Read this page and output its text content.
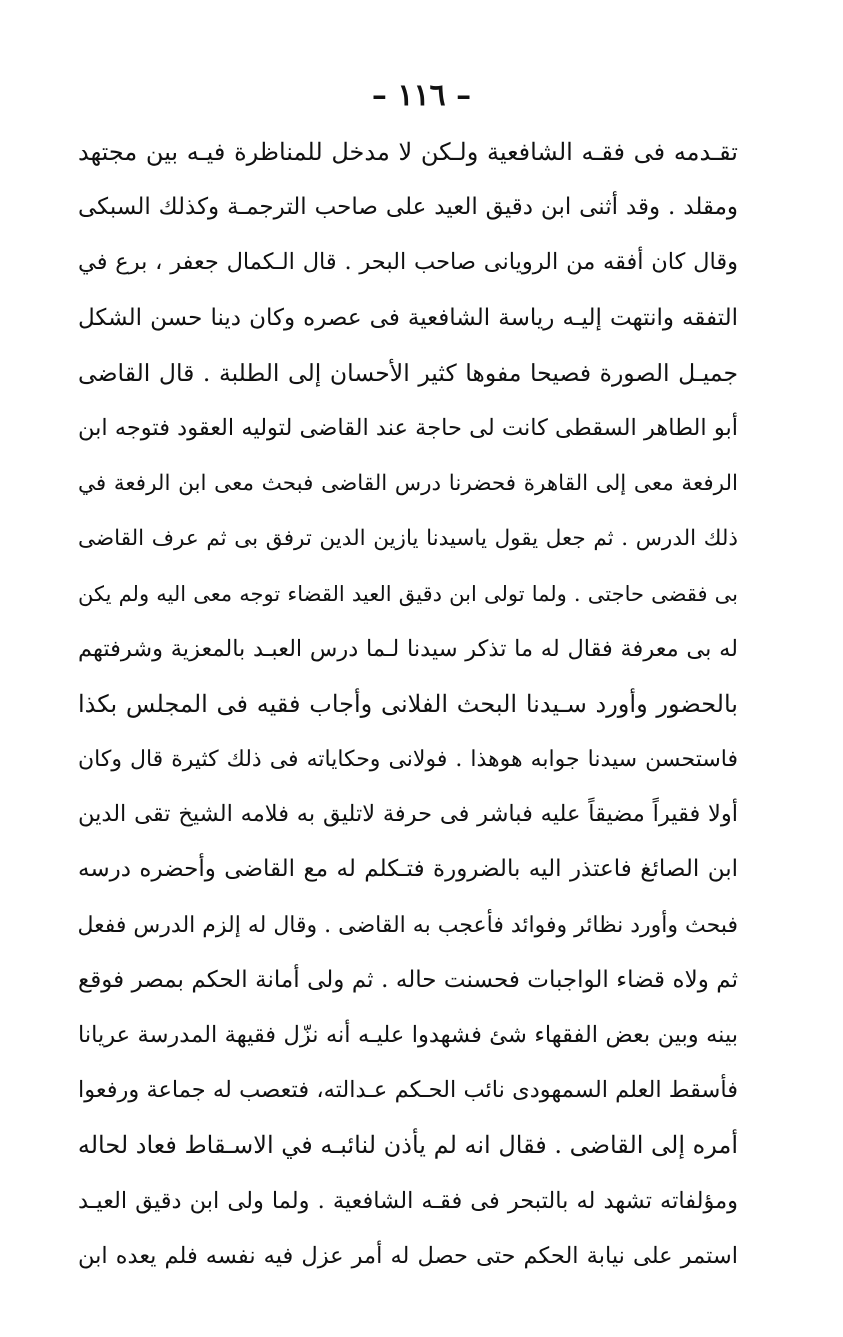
– ١١٦ –
تقـدمه فى فقـه الشافعية ولـكن لا مدخل للمناظرة فيـه بين مجتهد
ومقلد . وقد أثنى ابن دقيق العيد على صاحب الترجمـة وكذلك السبكى
وقال كان أفقه من الرويانى صاحب البحر . قال الـكمال جعفر ، برع في
التفقه وانتهت إليـه رياسة الشافعية فى عصره وكان دينا حسن الشكل
جميـل الصورة فصيحا مفوها كثير الأحسان إلى الطلبة . قال القاضى
أبو الطاهر السقطى كانت لى حاجة عند القاضى لتوليه العقود فتوجه ابن
الرفعة معى إلى القاهرة فحضرنا درس القاضى فبحث معى ابن الرفعة في
ذلك الدرس . ثم جعل يقول ياسيدنا يازين الدين ترفق بى ثم عرف القاضى
بى فقضى حاجتى . ولما تولى ابن دقيق العيد القضاء توجه معى اليه ولم يكن
له بى معرفة فقال له ما تذكر سيدنا لـما درس العبـد بالمعزية وشرفتهم
بالحضور وأورد سـيدنا البحث الفلانى وأجاب فقيه فى المجلس بكذا
فاستحسن سيدنا جوابه هوهذا . فولانى وحكاياته فى ذلك كثيرة قال وكان
أولا فقيراً مضيقاً عليه فباشر فى حرفة لاتليق به فلامه الشيخ تقى الدين
ابن الصائغ فاعتذر اليه بالضرورة فتـكلم له مع القاضى وأحضره درسه
فبحث وأورد نظائر وفوائد فأعجب به القاضى . وقال له إلزم الدرس ففعل
ثم ولاه قضاء الواجبات فحسنت حاله . ثم ولى أمانة الحكم بمصر فوقع
بينه وبين بعض الفقهاء شئ فشهدوا عليـه أنه نزّل فقيهة المدرسة عريانا
فأسقط العلم السمهودى نائب الحـكم عـدالته، فتعصب له جماعة ورفعوا
أمره إلى القاضى . فقال انه لم يأذن لنائبـه في الاسـقاط فعاد لحاله
ومؤلفاته تشهد له بالتبحر فى فقـه الشافعية . ولما ولى ابن دقيق العيـد
استمر على نيابة الحكم حتى حصل له أمر عزل فيه نفسه فلم يعده ابن
